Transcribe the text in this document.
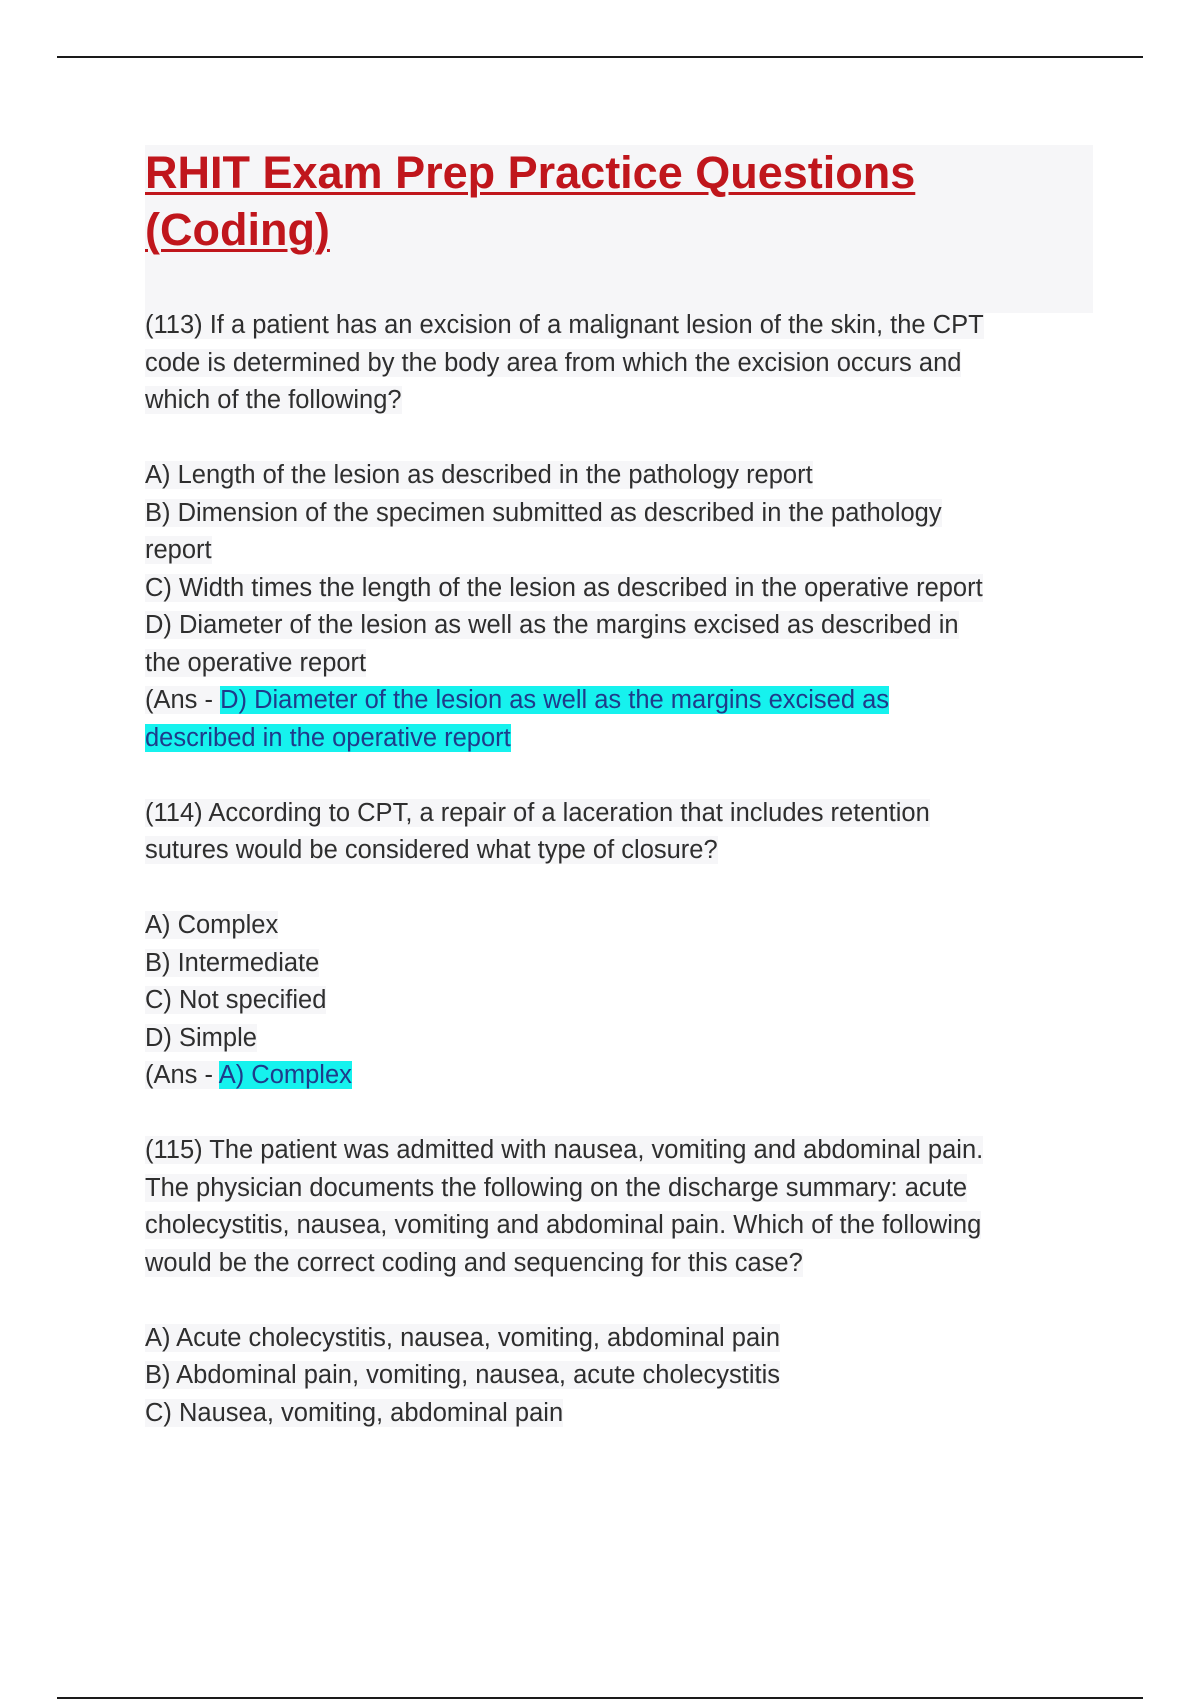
RHIT Exam Prep Practice Questions
(Coding)
(113) If a patient has an excision of a malignant lesion of the skin, the CPT
code is determined by the body area from which the excision occurs and
which of the following?
A) Length of the lesion as described in the pathology report
B) Dimension of the specimen submitted as described in the pathology
report
C) Width times the length of the lesion as described in the operative report
D) Diameter of the lesion as well as the margins excised as described in
the operative report
(Ans - D) Diameter of the lesion as well as the margins excised as
described in the operative report
(114) According to CPT, a repair of a laceration that includes retention
sutures would be considered what type of closure?
A) Complex
B) Intermediate
C) Not specified
D) Simple
(Ans - A) Complex
(115) The patient was admitted with nausea, vomiting and abdominal pain.
The physician documents the following on the discharge summary: acute
cholecystitis, nausea, vomiting and abdominal pain. Which of the following
would be the correct coding and sequencing for this case?
A) Acute cholecystitis, nausea, vomiting, abdominal pain
B) Abdominal pain, vomiting, nausea, acute cholecystitis
C) Nausea, vomiting, abdominal pain
